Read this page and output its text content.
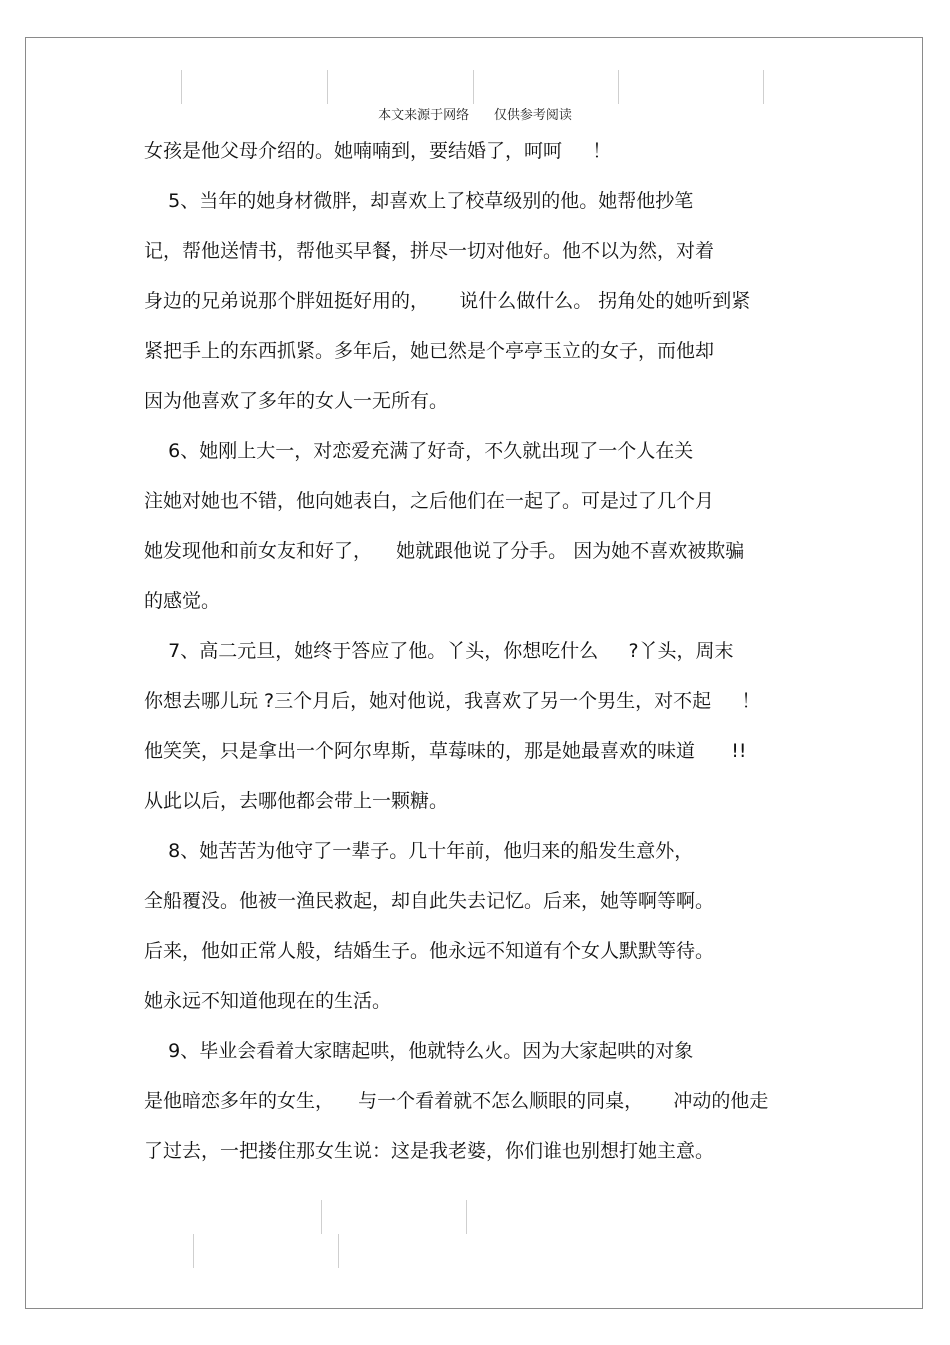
本文来源于网络      仅供参考阅读
女孩是他父母介绍的。她喃喃到，要结婚了，呵呵     ！
5、当年的她身材微胖，却喜欢上了校草级别的他。她帮他抄笔
记，帮他送情书，帮他买早餐，拼尽一切对他好。他不以为然，对着
身边的兄弟说那个胖妞挺好用的，     说什么做什么。 拐角处的她听到紧
紧把手上的东西抓紧。多年后，她已然是个亭亭玉立的女子，而他却
因为他喜欢了多年的女人一无所有。
6、她刚上大一，对恋爱充满了好奇，不久就出现了一个人在关
注她对她也不错，他向她表白，之后他们在一起了。可是过了几个月
她发现他和前女友和好了，    她就跟他说了分手。 因为她不喜欢被欺骗
的感觉。
7、高二元旦，她终于答应了他。丫头，你想吃什么     ?丫头，周末
你想去哪儿玩 ?三个月后，她对他说，我喜欢了另一个男生，对不起     ！
他笑笑，只是拿出一个阿尔卑斯，草莓味的，那是她最喜欢的味道      !!
从此以后，去哪他都会带上一颗糖。
8、她苦苦为他守了一辈子。几十年前，他归来的船发生意外，
全船覆没。他被一渔民救起，却自此失去记忆。后来，她等啊等啊。
后来，他如正常人般，结婚生子。他永远不知道有个女人默默等待。
她永远不知道他现在的生活。
9、毕业会看着大家瞎起哄，他就特么火。因为大家起哄的对象
是他暗恋多年的女生，    与一个看着就不怎么顺眼的同桌，     冲动的他走
了过去，一把搂住那女生说：这是我老婆，你们谁也别想打她主意。
